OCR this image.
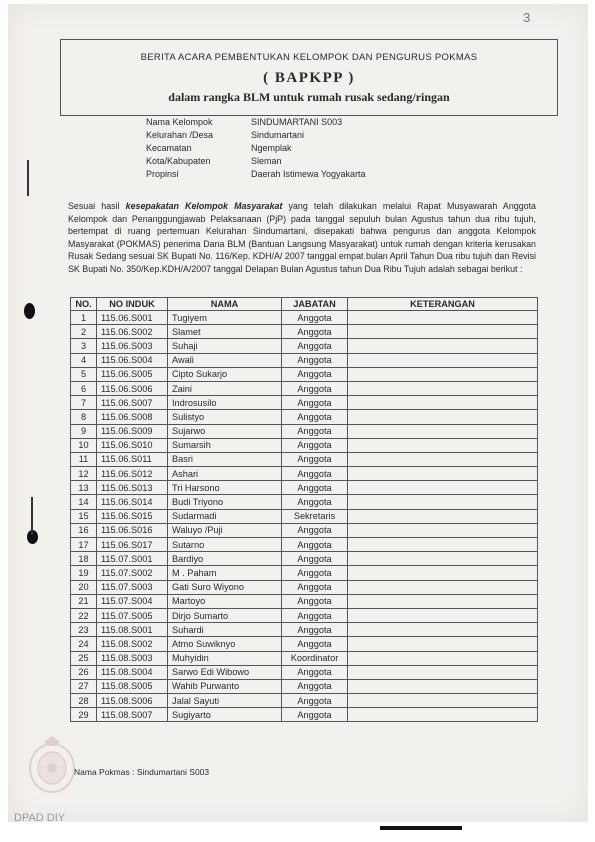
3
BERITA ACARA PEMBENTUKAN KELOMPOK DAN PENGURUS POKMAS
( BAPKPP )
dalam rangka BLM untuk rumah rusak sedang/ringan
Nama Kelompok	SINDUMARTANI S003
Kelurahan /Desa	Sindumartani
Kecamatan	Ngemplak
Kota/Kabupaten	Sleman
Propinsi	Daerah Istimewa Yogyakarta
Sesuai hasil kesepakatan Kelompok Masyarakat yang telah dilakukan melalui Rapat Musyawarah Anggota Kelompok dan Penanggungjawab Pelaksanaan (PjP) pada tanggal sepuluh bulan Agustus tahun dua ribu tujuh, bertempat di ruang pertemuan Kelurahan Sindumartani, disepakati bahwa pengurus dan anggota Kelompok Masyarakat (POKMAS) penerima Dana BLM (Bantuan Langsung Masyarakat) untuk rumah dengan kriteria kerusakan Rusak Sedang sesuai SK Bupati No. 116/Kep. KDH/A/ 2007 tanggal empat bulan April Tahun Dua ribu tujuh dan Revisi SK Bupati No. 350/Kep.KDH/A/2007 tanggal Delapan Bulan Agustus tahun Dua Ribu Tujuh adalah sebagai berikut :
NO.	NO INDUK	NAMA	JABATAN	KETERANGAN
1	115.06.S001	Tugiyem	Anggota	
2	115.06.S002	Slamet	Anggota	
3	115.06.S003	Suhaji	Anggota	
4	115.06.S004	Awali	Anggota	
5	115.06.S005	Cipto Sukarjo	Anggota	
6	115.06.S006	Zaini	Anggota	
7	115.06.S007	Indrosusilo	Anggota	
8	115.06.S008	Sulistyo	Anggota	
9	115.06.S009	Sujarwo	Anggota	
10	115.06.S010	Sumarsih	Anggota	
11	115.06.S011	Basri	Anggota	
12	115.06.S012	Ashari	Anggota	
13	115.06.S013	Tri Harsono	Anggota	
14	115.06.S014	Budi Triyono	Anggota	
15	115.06.S015	Sudarmadi	Sekretaris	
16	115.06.S016	Waluyo /Puji	Anggota	
17	115.06.S017	Sutarno	Anggota	
18	115.07.S001	Bardiyo	Anggota	
19	115.07.S002	M . Paham	Anggota	
20	115.07.S003	Gati Suro Wiyono	Anggota	
21	115.07.S004	Martoyo	Anggota	
22	115.07.S005	Dirjo Sumarto	Anggota	
23	115.08.S001	Suhardi	Anggota	
24	115.08.S002	Atmo Suwiknyo	Anggota	
25	115.08.S003	Muhyidin	Koordinator	
26	115.08.S004	Sarwo Edi Wibowo	Anggota	
27	115.08.S005	Wahib Purwanto	Anggota	
28	115.08.S006	Jalal Sayuti	Anggota	
29	115.08.S007	Sugiyarto	Anggota	
Nama Pokmas : Sindumartani S003
DPAD DIY
